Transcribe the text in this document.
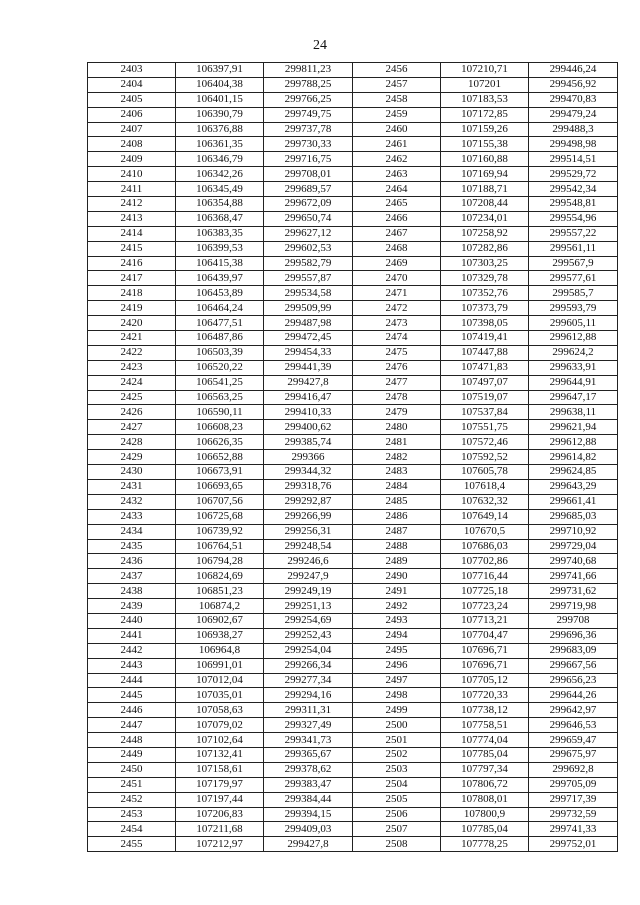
24
2403	106397,91	299811,23	2456	107210,71	299446,24
2404	106404,38	299788,25	2457	107201	299456,92
2405	106401,15	299766,25	2458	107183,53	299470,83
2406	106390,79	299749,75	2459	107172,85	299479,24
2407	106376,88	299737,78	2460	107159,26	299488,3
2408	106361,35	299730,33	2461	107155,38	299498,98
2409	106346,79	299716,75	2462	107160,88	299514,51
2410	106342,26	299708,01	2463	107169,94	299529,72
2411	106345,49	299689,57	2464	107188,71	299542,34
2412	106354,88	299672,09	2465	107208,44	299548,81
2413	106368,47	299650,74	2466	107234,01	299554,96
2414	106383,35	299627,12	2467	107258,92	299557,22
2415	106399,53	299602,53	2468	107282,86	299561,11
2416	106415,38	299582,79	2469	107303,25	299567,9
2417	106439,97	299557,87	2470	107329,78	299577,61
2418	106453,89	299534,58	2471	107352,76	299585,7
2419	106464,24	299509,99	2472	107373,79	299593,79
2420	106477,51	299487,98	2473	107398,05	299605,11
2421	106487,86	299472,45	2474	107419,41	299612,88
2422	106503,39	299454,33	2475	107447,88	299624,2
2423	106520,22	299441,39	2476	107471,83	299633,91
2424	106541,25	299427,8	2477	107497,07	299644,91
2425	106563,25	299416,47	2478	107519,07	299647,17
2426	106590,11	299410,33	2479	107537,84	299638,11
2427	106608,23	299400,62	2480	107551,75	299621,94
2428	106626,35	299385,74	2481	107572,46	299612,88
2429	106652,88	299366	2482	107592,52	299614,82
2430	106673,91	299344,32	2483	107605,78	299624,85
2431	106693,65	299318,76	2484	107618,4	299643,29
2432	106707,56	299292,87	2485	107632,32	299661,41
2433	106725,68	299266,99	2486	107649,14	299685,03
2434	106739,92	299256,31	2487	107670,5	299710,92
2435	106764,51	299248,54	2488	107686,03	299729,04
2436	106794,28	299246,6	2489	107702,86	299740,68
2437	106824,69	299247,9	2490	107716,44	299741,66
2438	106851,23	299249,19	2491	107725,18	299731,62
2439	106874,2	299251,13	2492	107723,24	299719,98
2440	106902,67	299254,69	2493	107713,21	299708
2441	106938,27	299252,43	2494	107704,47	299696,36
2442	106964,8	299254,04	2495	107696,71	299683,09
2443	106991,01	299266,34	2496	107696,71	299667,56
2444	107012,04	299277,34	2497	107705,12	299656,23
2445	107035,01	299294,16	2498	107720,33	299644,26
2446	107058,63	299311,31	2499	107738,12	299642,97
2447	107079,02	299327,49	2500	107758,51	299646,53
2448	107102,64	299341,73	2501	107774,04	299659,47
2449	107132,41	299365,67	2502	107785,04	299675,97
2450	107158,61	299378,62	2503	107797,34	299692,8
2451	107179,97	299383,47	2504	107806,72	299705,09
2452	107197,44	299384,44	2505	107808,01	299717,39
2453	107206,83	299394,15	2506	107800,9	299732,59
2454	107211,68	299409,03	2507	107785,04	299741,33
2455	107212,97	299427,8	2508	107778,25	299752,01
